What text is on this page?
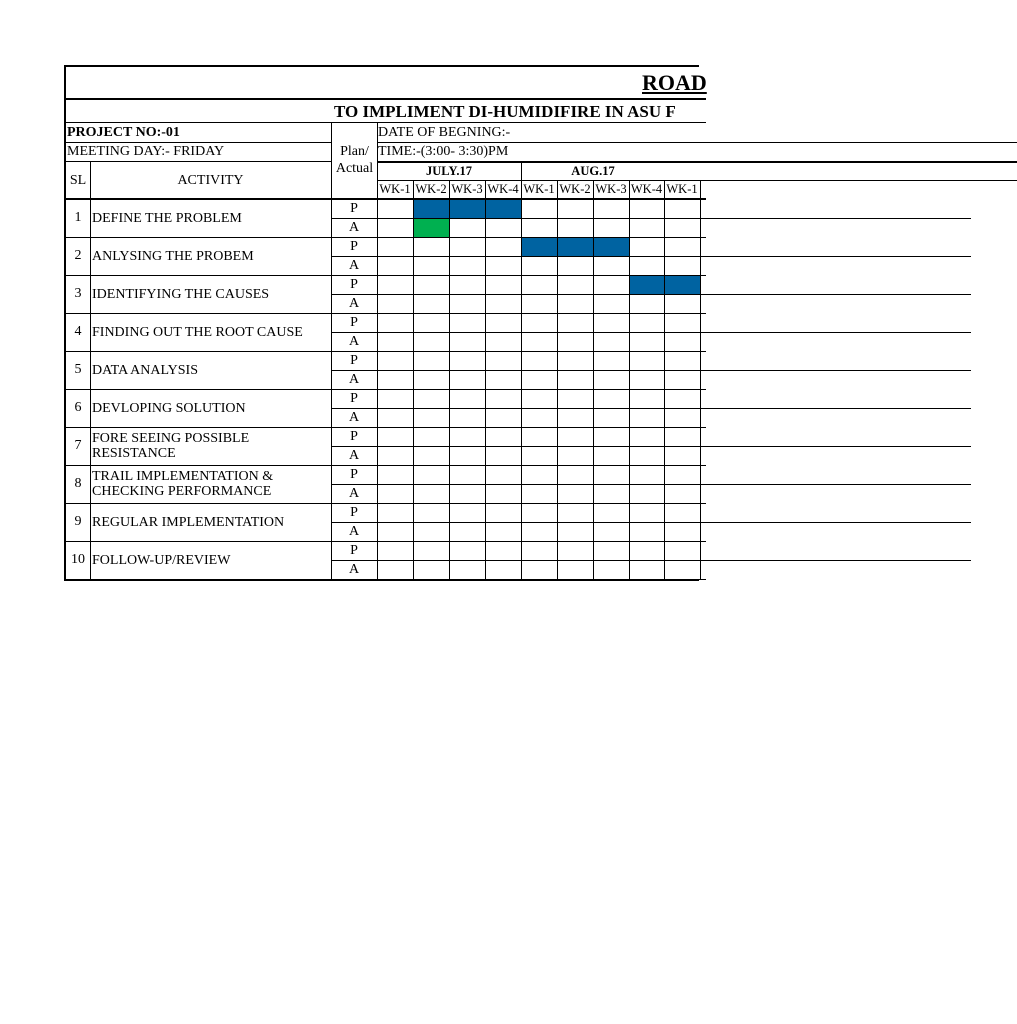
ROAD
TO IMPLIMENT DI-HUMIDIFIRE IN ASU F
PROJECT NO:-01
MEETING DAY:- FRIDAY
DATE OF BEGNING:-
TIME:-(3:00- 3:30)PM
Plan/ Actual
SL	ACTIVITY
JULY.17	AUG.17
WK-1 WK-2 WK-3 WK-4 WK-1 WK-2 WK-3 WK-4 WK-1
1 DEFINE THE PROBLEM
P
A
2 ANLYSING THE PROBEM
P
A
3 IDENTIFYING THE CAUSES
P
A
4 FINDING OUT THE ROOT CAUSE
P
A
5 DATA ANALYSIS
P
A
6 DEVLOPING SOLUTION
P
A
7 FORE SEEING POSSIBLE RESISTANCE
P
A
8 TRAIL IMPLEMENTATION & CHECKING PERFORMANCE
P
A
9 REGULAR IMPLEMENTATION
P
A
10 FOLLOW-UP/REVIEW
P
A
